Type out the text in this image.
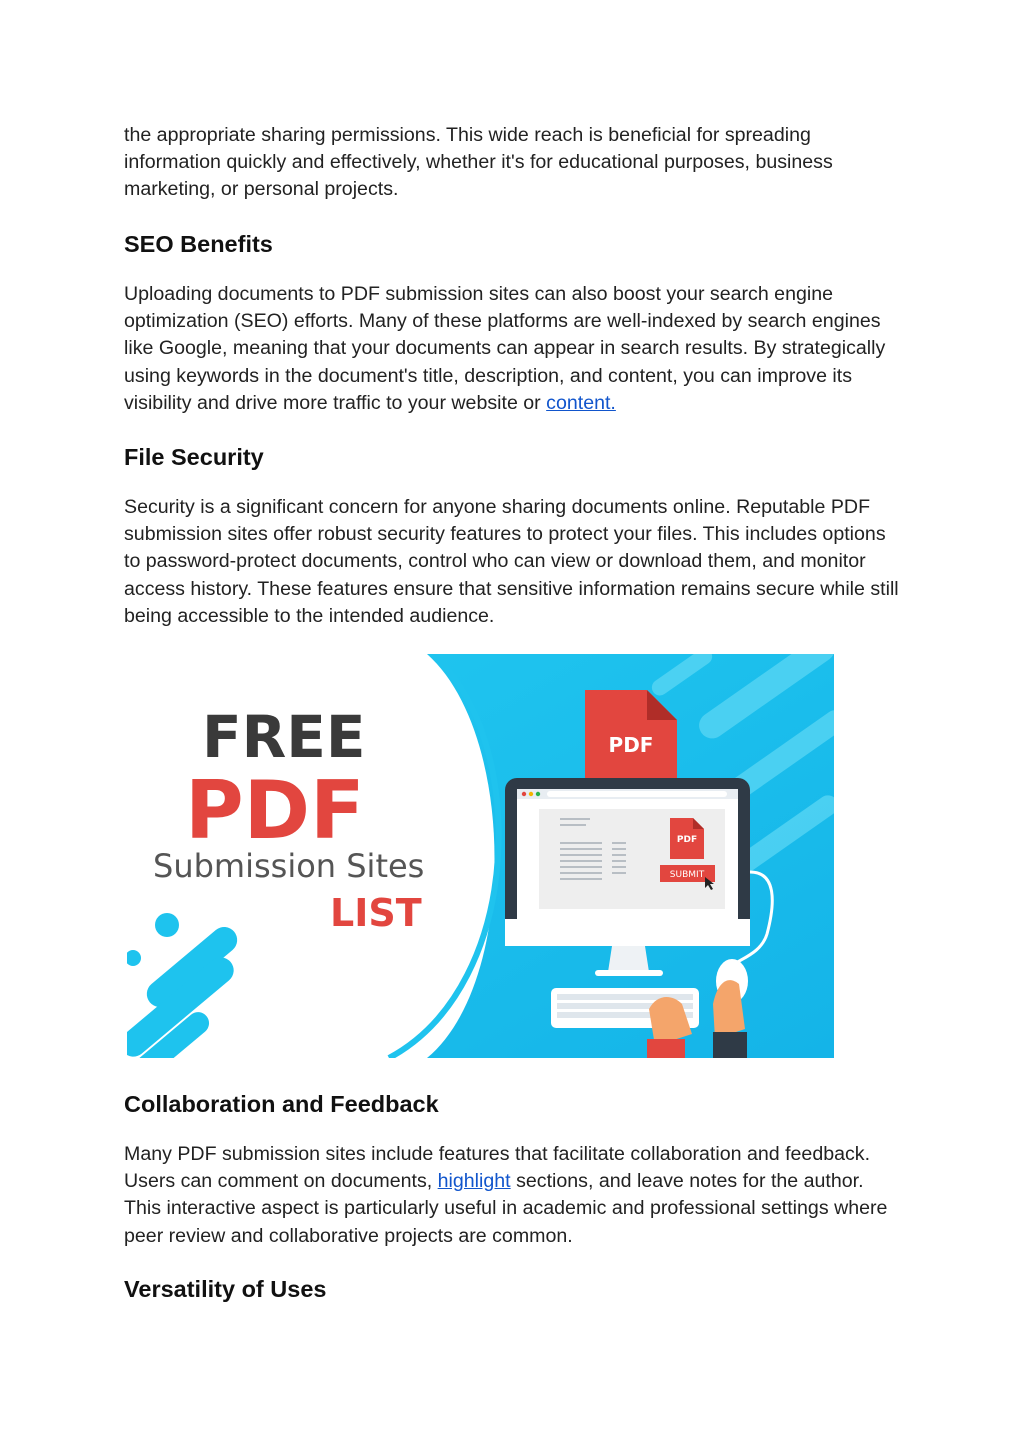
the appropriate sharing permissions. This wide reach is beneficial for spreading information quickly and effectively, whether it's for educational purposes, business marketing, or personal projects.

SEO Benefits

Uploading documents to PDF submission sites can also boost your search engine optimization (SEO) efforts. Many of these platforms are well-indexed by search engines like Google, meaning that your documents can appear in search results. By strategically using keywords in the document's title, description, and content, you can improve its visibility and drive more traffic to your website or content.

File Security

Security is a significant concern for anyone sharing documents online. Reputable PDF submission sites offer robust security features to protect your files. This includes options to password-protect documents, control who can view or download them, and monitor access history. These features ensure that sensitive information remains secure while still being accessible to the intended audience.

Collaboration and Feedback

Many PDF submission sites include features that facilitate collaboration and feedback. Users can comment on documents, highlight sections, and leave notes for the author. This interactive aspect is particularly useful in academic and professional settings where peer review and collaborative projects are common.

Versatility of Uses
FREE
PDF
Submission Sites
LIST
PDF
PDF
SUBMIT
